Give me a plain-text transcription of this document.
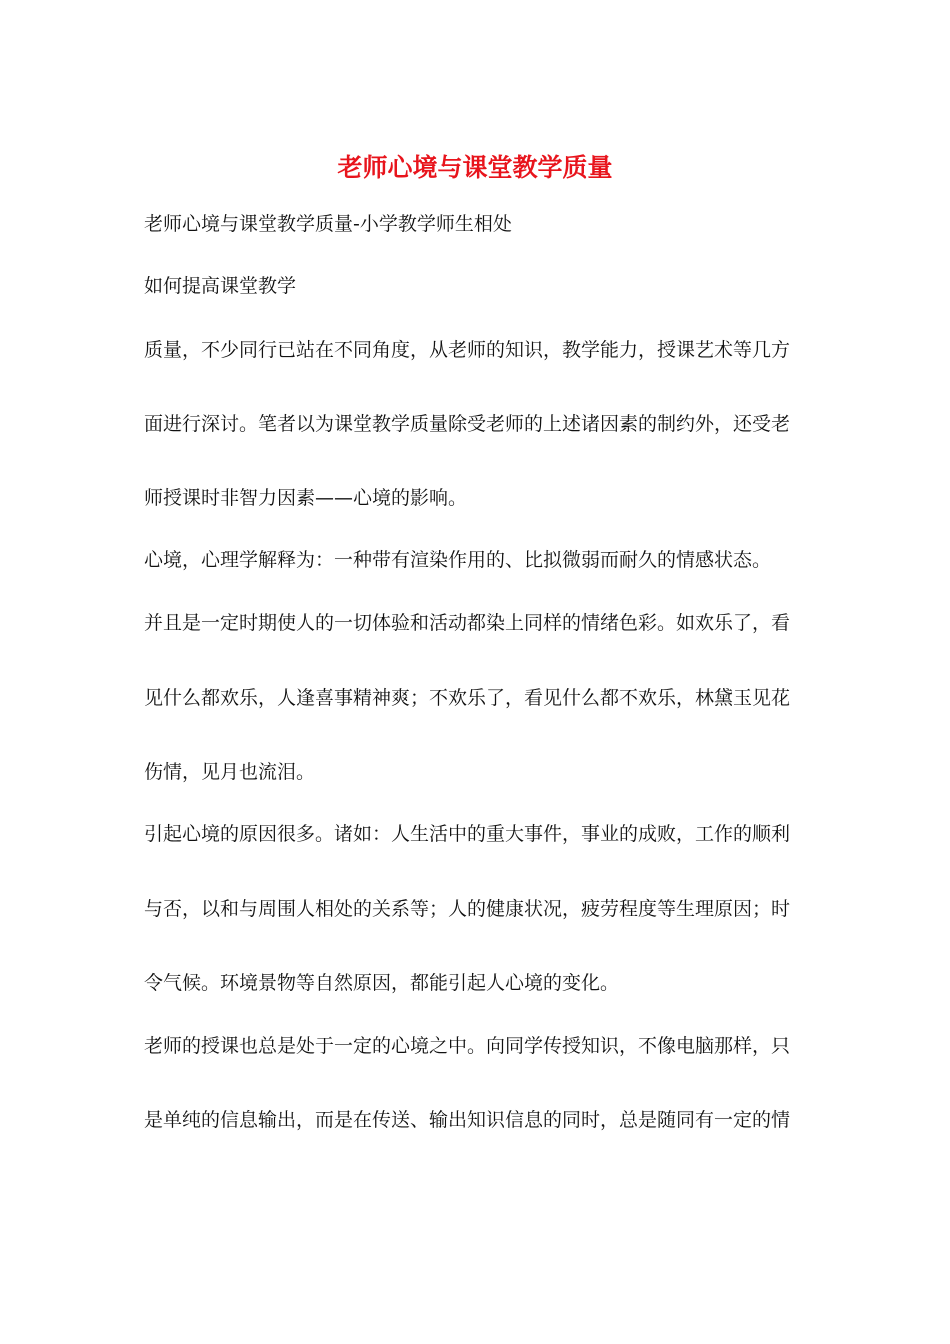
老师心境与课堂教学质量

老师心境与课堂教学质量-小学教学师生相处

如何提高课堂教学

质量，不少同行已站在不同角度，从老师的知识，教学能力，授课艺术等几方

面进行深讨。笔者以为课堂教学质量除受老师的上述诸因素的制约外，还受老

师授课时非智力因素——心境的影响。

心境，心理学解释为：一种带有渲染作用的、比拟微弱而耐久的情感状态。

并且是一定时期使人的一切体验和活动都染上同样的情绪色彩。如欢乐了，看

见什么都欢乐，人逢喜事精神爽；不欢乐了，看见什么都不欢乐，林黛玉见花

伤情，见月也流泪。

引起心境的原因很多。诸如：人生活中的重大事件，事业的成败，工作的顺利

与否，以和与周围人相处的关系等；人的健康状况，疲劳程度等生理原因；时

令气候。环境景物等自然原因，都能引起人心境的变化。

老师的授课也总是处于一定的心境之中。向同学传授知识，不像电脑那样，只

是单纯的信息输出，而是在传送、输出知识信息的同时，总是随同有一定的情
